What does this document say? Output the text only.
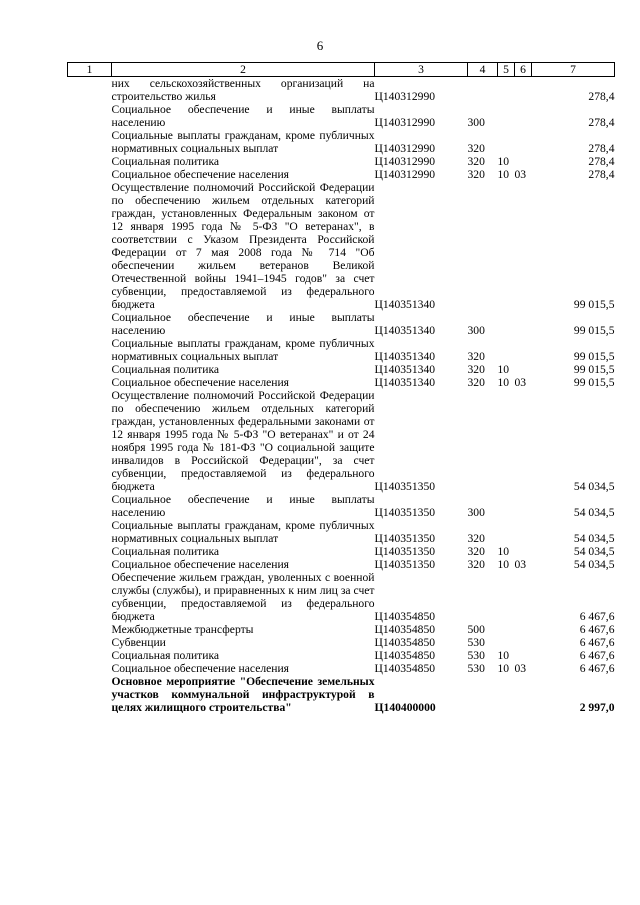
6
1	2	3	4	5	6	7
	них сельскохозяйственных организаций на строительство жилья	Ц140312990				278,4
	Социальное обеспечение и иные выплаты населению	Ц140312990	300			278,4
	Социальные выплаты гражданам, кроме публичных нормативных социальных выплат	Ц140312990	320			278,4
	Социальная политика	Ц140312990	320	10		278,4
	Социальное обеспечение населения	Ц140312990	320	10	03	278,4
	Осуществление полномочий Российской Федерации по обеспечению жильем отдельных категорий граждан, установленных Федеральным законом от 12 января 1995 года № 5-ФЗ "О ветеранах", в соответствии с Указом Президента Российской Федерации от 7 мая 2008 года № 714 "Об обеспечении жильем ветеранов Великой Отечественной войны 1941–1945 годов" за счет субвенции, предоставляемой из федерального бюджета	Ц140351340				99 015,5
	Социальное обеспечение и иные выплаты населению	Ц140351340	300			99 015,5
	Социальные выплаты гражданам, кроме публичных нормативных социальных выплат	Ц140351340	320			99 015,5
	Социальная политика	Ц140351340	320	10		99 015,5
	Социальное обеспечение населения	Ц140351340	320	10	03	99 015,5
	Осуществление полномочий Российской Федерации по обеспечению жильем отдельных категорий граждан, установленных федеральными законами от 12 января 1995 года № 5-ФЗ "О ветеранах" и от 24 ноября 1995 года № 181-ФЗ "О социальной защите инвалидов в Российской Федерации", за счет субвенции, предоставляемой из федерального бюджета	Ц140351350				54 034,5
	Социальное обеспечение и иные выплаты населению	Ц140351350	300			54 034,5
	Социальные выплаты гражданам, кроме публичных нормативных социальных выплат	Ц140351350	320			54 034,5
	Социальная политика	Ц140351350	320	10		54 034,5
	Социальное обеспечение населения	Ц140351350	320	10	03	54 034,5
	Обеспечение жильем граждан, уволенных с военной службы (службы), и приравненных к ним лиц за счет субвенции, предоставляемой из федерального бюджета	Ц140354850				6 467,6
	Межбюджетные трансферты	Ц140354850	500			6 467,6
	Субвенции	Ц140354850	530			6 467,6
	Социальная политика	Ц140354850	530	10		6 467,6
	Социальное обеспечение населения	Ц140354850	530	10	03	6 467,6
	Основное мероприятие "Обеспечение земельных участков коммунальной инфраструктурой в целях жилищного строительства"	Ц140400000				2 997,0
